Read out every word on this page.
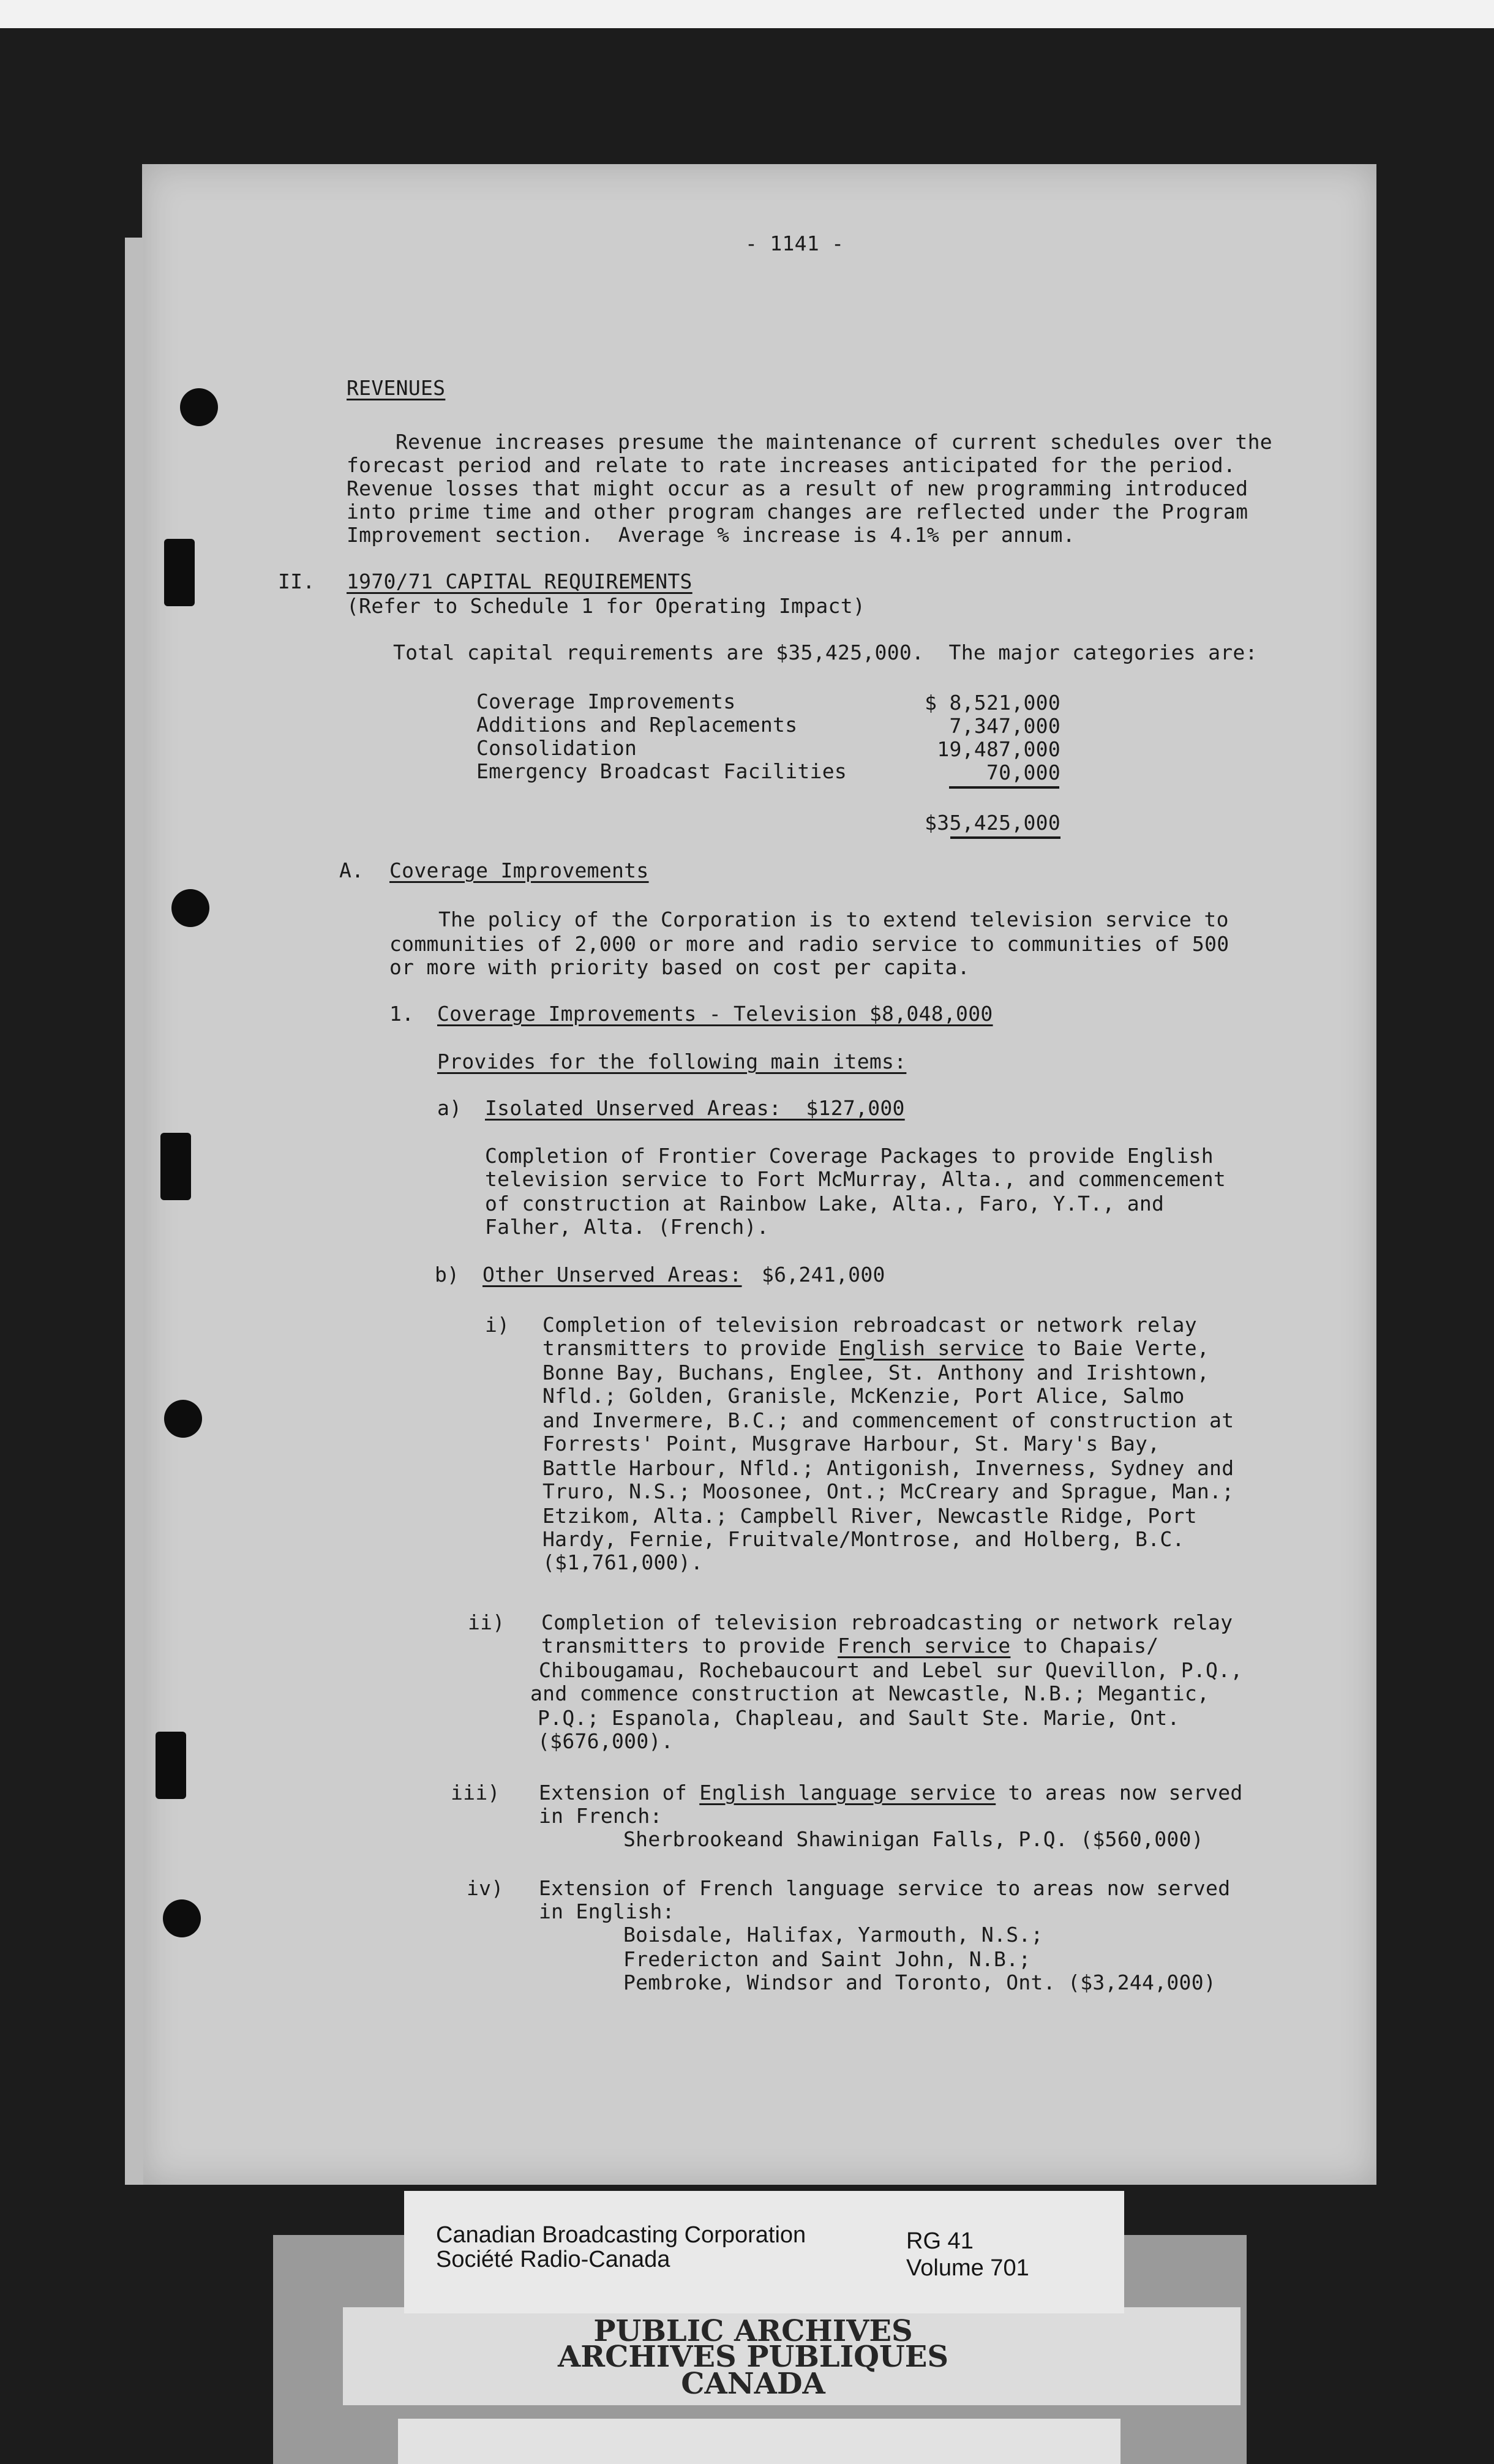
- 1141 -
REVENUES
Revenue increases presume the maintenance of current schedules over the
forecast period and relate to rate increases anticipated for the period.
Revenue losses that might occur as a result of new programming introduced
into prime time and other program changes are reflected under the Program
Improvement section.  Average % increase is 4.1% per annum.
II. 1970/71 CAPITAL REQUIREMENTS
(Refer to Schedule 1 for Operating Impact)
Total capital requirements are $35,425,000.  The major categories are:
Coverage Improvements
Additions and Replacements
Consolidation
Emergency Broadcast Facilities
$ 8,521,000
7,347,000
19,487,000
70,000
$35,425,000
A. Coverage Improvements
The policy of the Corporation is to extend television service to
communities of 2,000 or more and radio service to communities of 500
or more with priority based on cost per capita.
1. Coverage Improvements - Television $8,048,000
Provides for the following main items:
a) Isolated Unserved Areas:  $127,000
Completion of Frontier Coverage Packages to provide English
television service to Fort McMurray, Alta., and commencement
of construction at Rainbow Lake, Alta., Faro, Y.T., and
Falher, Alta. (French).
b) Other Unserved Areas: $6,241,000
i) Completion of television rebroadcast or network relay
transmitters to provide English service to Baie Verte,
Bonne Bay, Buchans, Englee, St. Anthony and Irishtown,
Nfld.; Golden, Granisle, McKenzie, Port Alice, Salmo
and Invermere, B.C.; and commencement of construction at
Forrests' Point, Musgrave Harbour, St. Mary's Bay,
Battle Harbour, Nfld.; Antigonish, Inverness, Sydney and
Truro, N.S.; Moosonee, Ont.; McCreary and Sprague, Man.;
Etzikom, Alta.; Campbell River, Newcastle Ridge, Port
Hardy, Fernie, Fruitvale/Montrose, and Holberg, B.C.
($1,761,000).
ii) Completion of television rebroadcasting or network relay
transmitters to provide French service to Chapais/
Chibougamau, Rochebaucourt and Lebel sur Quevillon, P.Q.,
and commence construction at Newcastle, N.B.; Megantic,
P.Q.; Espanola, Chapleau, and Sault Ste. Marie, Ont.
($676,000).
iii) Extension of English language service to areas now served
in French:
Sherbrookeand Shawinigan Falls, P.Q. ($560,000)
iv) Extension of French language service to areas now served
in English:
Boisdale, Halifax, Yarmouth, N.S.;
Fredericton and Saint John, N.B.;
Pembroke, Windsor and Toronto, Ont. ($3,244,000)
Canadian Broadcasting Corporation
Société Radio-Canada
RG 41
Volume 701
PUBLIC ARCHIVES
ARCHIVES PUBLIQUES
CANADA
